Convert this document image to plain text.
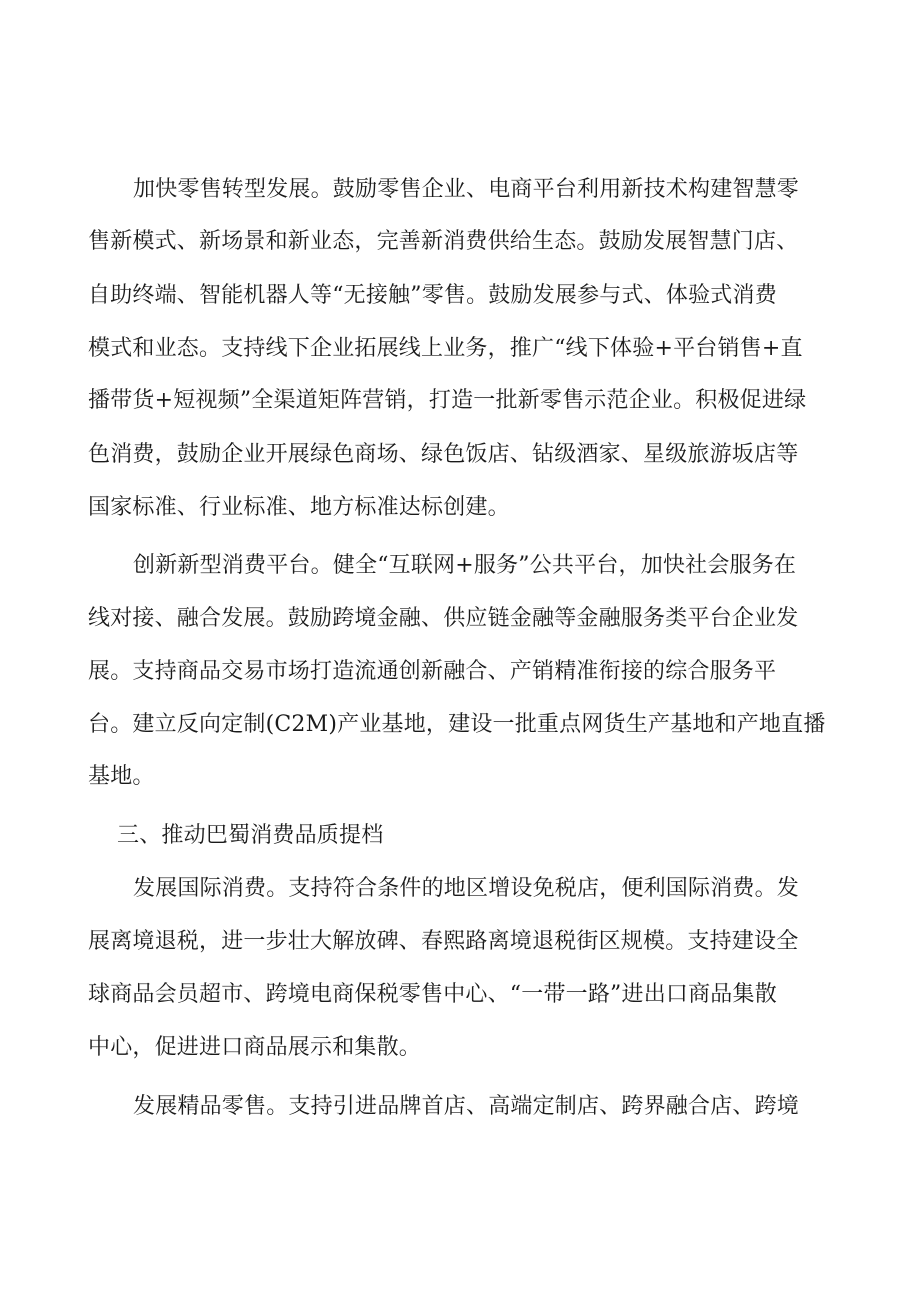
加快零售转型发展。鼓励零售企业、电商平台利用新技术构建智慧零
售新模式、新场景和新业态，完善新消费供给生态。鼓励发展智慧门店、
自助终端、智能机器人等“无接触”零售。鼓励发展参与式、体验式消费
模式和业态。支持线下企业拓展线上业务，推广“线下体验+平台销售+直
播带货+短视频”全渠道矩阵营销，打造一批新零售示范企业。积极促进绿
色消费，鼓励企业开展绿色商场、绿色饭店、钻级酒家、星级旅游坂店等
国家标准、行业标准、地方标准达标创建。
创新新型消费平台。健全“互联网+服务”公共平台，加快社会服务在
线对接、融合发展。鼓励跨境金融、供应链金融等金融服务类平台企业发
展。支持商品交易市场打造流通创新融合、产销精准衔接的综合服务平
台。建立反向定制(C2M)产业基地，建设一批重点网货生产基地和产地直播
基地。
三、推动巴蜀消费品质提档
发展国际消费。支持符合条件的地区增设免税店，便利国际消费。发
展离境退税，进一步壮大解放碑、春熙路离境退税街区规模。支持建设全
球商品会员超市、跨境电商保税零售中心、“一带一路”进出口商品集散
中心，促进进口商品展示和集散。
发展精品零售。支持引进品牌首店、高端定制店、跨界融合店、跨境
